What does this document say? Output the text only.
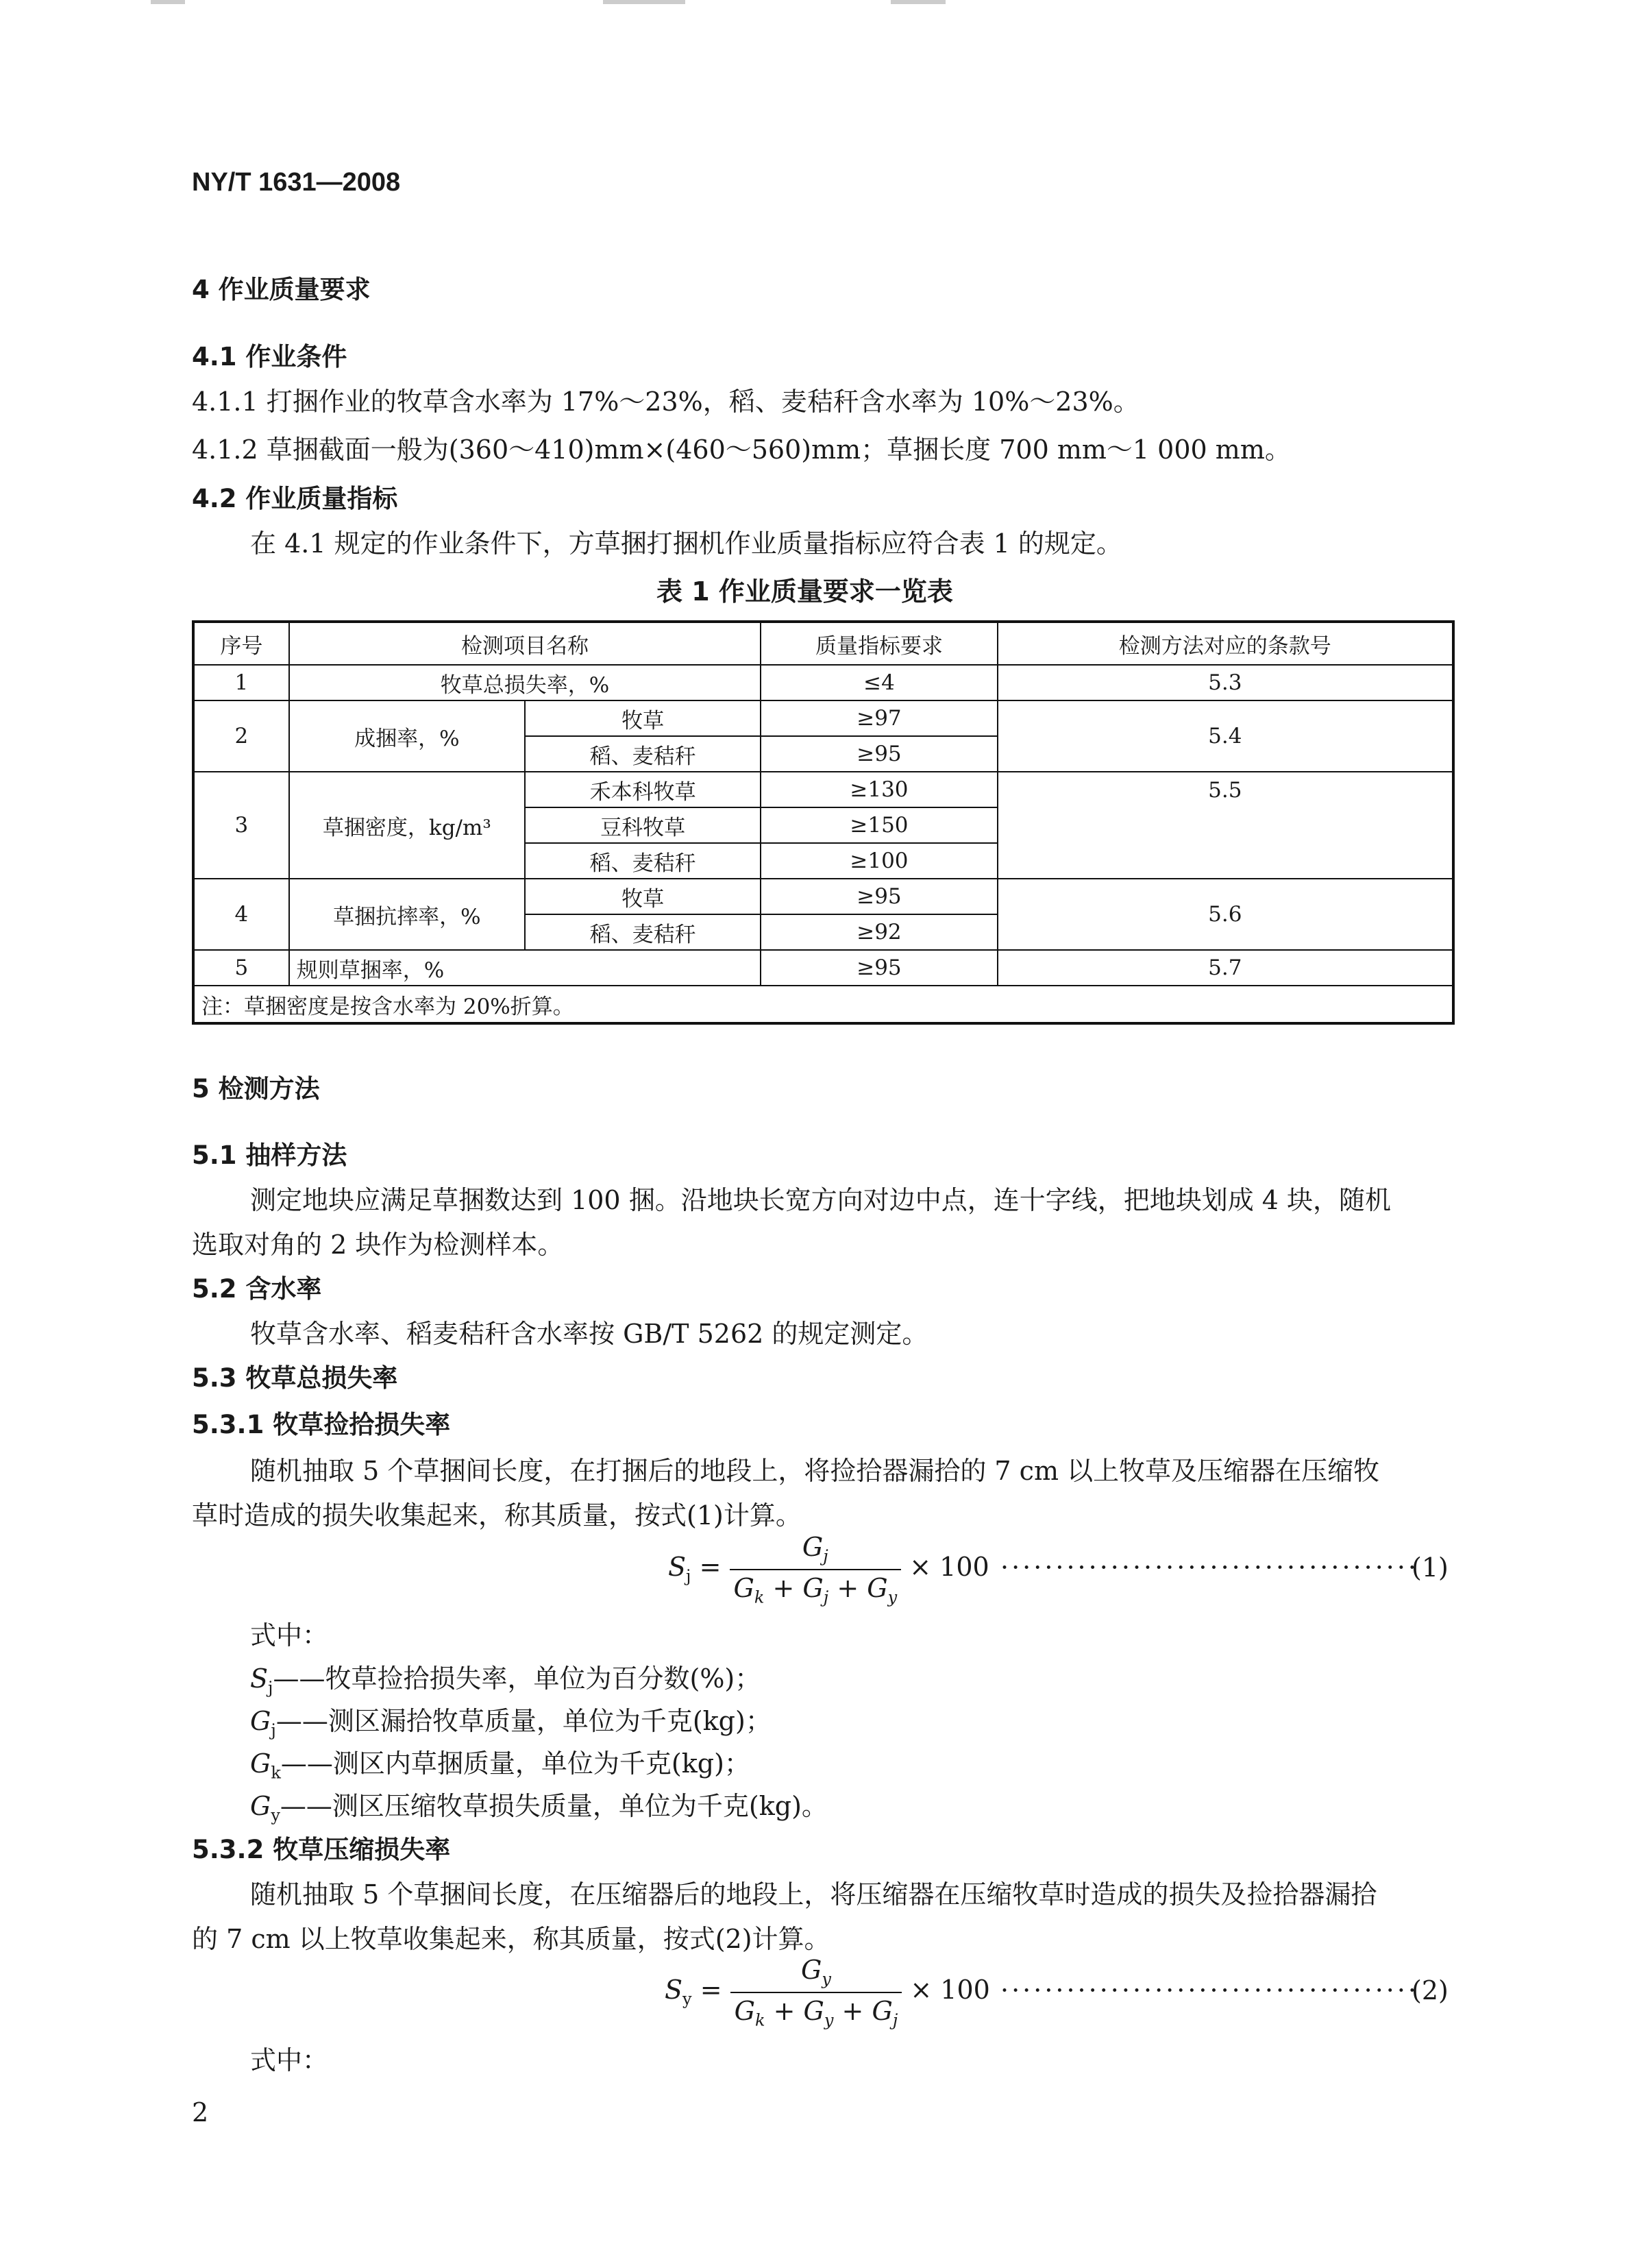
NY/T 1631—2008
4 作业质量要求
4.1 作业条件
4.1.1 打捆作业的牧草含水率为 17%～23%，稻、麦秸秆含水率为 10%～23%。
4.1.2 草捆截面一般为(360～410)mm×(460～560)mm；草捆长度 700 mm～1 000 mm。
4.2 作业质量指标
在 4.1 规定的作业条件下，方草捆打捆机作业质量指标应符合表 1 的规定。
表 1 作业质量要求一览表
序号	检测项目名称		质量指标要求	检测方法对应的条款号
1	牧草总损失率，%		≤4	5.3
2	成捆率，%	牧草	≥97	5.4
		稻、麦秸秆	≥95	
3	草捆密度，kg/m³	禾本科牧草	≥130	5.5
		豆科牧草	≥150	
		稻、麦秸秆	≥100	
4	草捆抗摔率，%	牧草	≥95	5.6
		稻、麦秸秆	≥92	
5	规则草捆率，%		≥95	5.7
注：草捆密度是按含水率为 20%折算。				
5 检测方法
5.1 抽样方法
测定地块应满足草捆数达到 100 捆。沿地块长宽方向对边中点，连十字线，把地块划成 4 块，随机
选取对角的 2 块作为检测样本。
5.2 含水率
牧草含水率、稻麦秸秆含水率按 GB/T 5262 的规定测定。
5.3 牧草总损失率
5.3.1 牧草捡拾损失率
随机抽取 5 个草捆间长度，在打捆后的地段上，将捡拾器漏拾的 7 cm 以上牧草及压缩器在压缩牧
草时造成的损失收集起来，称其质量，按式(1)计算。
$S_j = \frac{G_j}{G_k + G_j + G_y} \times 100$ ······································
(1)
式中：
$S_j——$牧草捡拾损失率，单位为百分数(%)；
$G_j——$测区漏拾牧草质量，单位为千克(kg)；
$G_k——$测区内草捆质量，单位为千克(kg)；
$G_y——$测区压缩牧草损失质量，单位为千克(kg)。
5.3.2 牧草压缩损失率
随机抽取 5 个草捆间长度，在压缩器后的地段上，将压缩器在压缩牧草时造成的损失及捡拾器漏拾
的 7 cm 以上牧草收集起来，称其质量，按式(2)计算。
$S_y = \frac{G_y}{G_k + G_y + G_j} \times 100$ ······································
(2)
式中：
2
